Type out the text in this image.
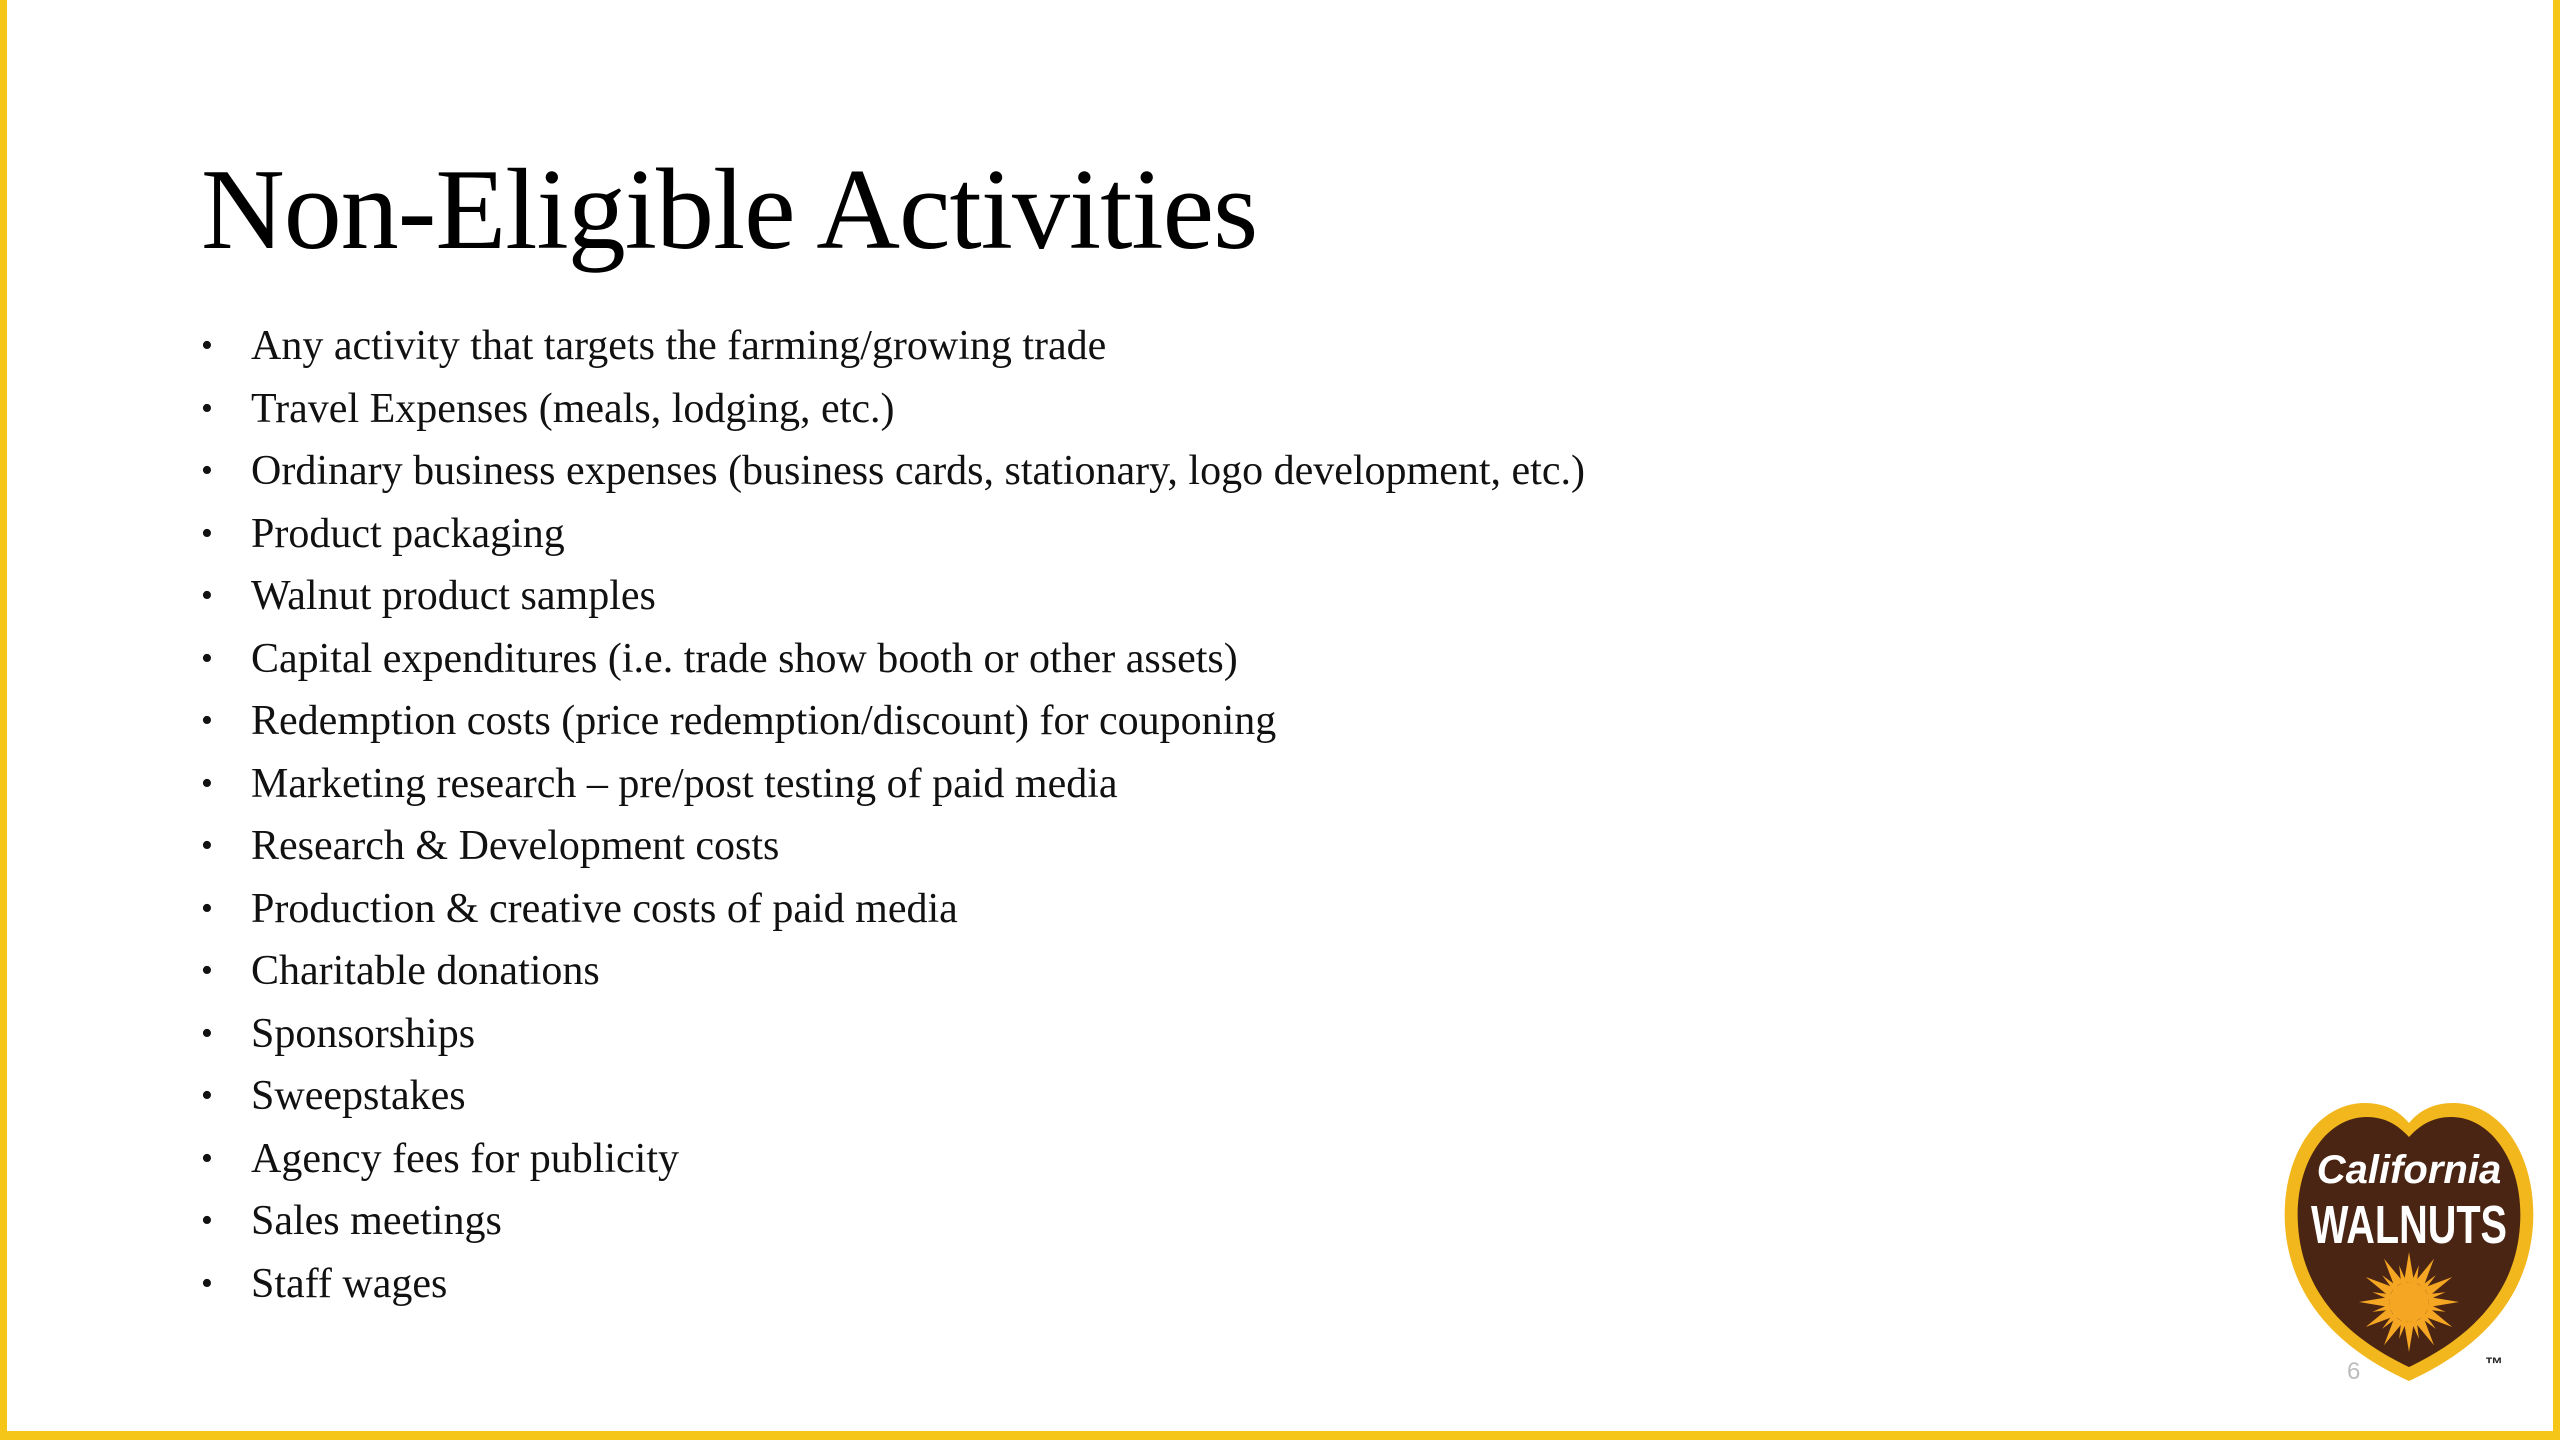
Non-Eligible Activities
• Any activity that targets the farming/growing trade
• Travel Expenses (meals, lodging, etc.)
• Ordinary business expenses (business cards, stationary, logo development, etc.)
• Product packaging
• Walnut product samples
• Capital expenditures (i.e. trade show booth or other assets)
• Redemption costs (price redemption/discount) for couponing
• Marketing research – pre/post testing of paid media
• Research & Development costs
• Production & creative costs of paid media
• Charitable donations
• Sponsorships
• Sweepstakes
• Agency fees for publicity
• Sales meetings
• Staff wages
6
California
WALNUTS
™
